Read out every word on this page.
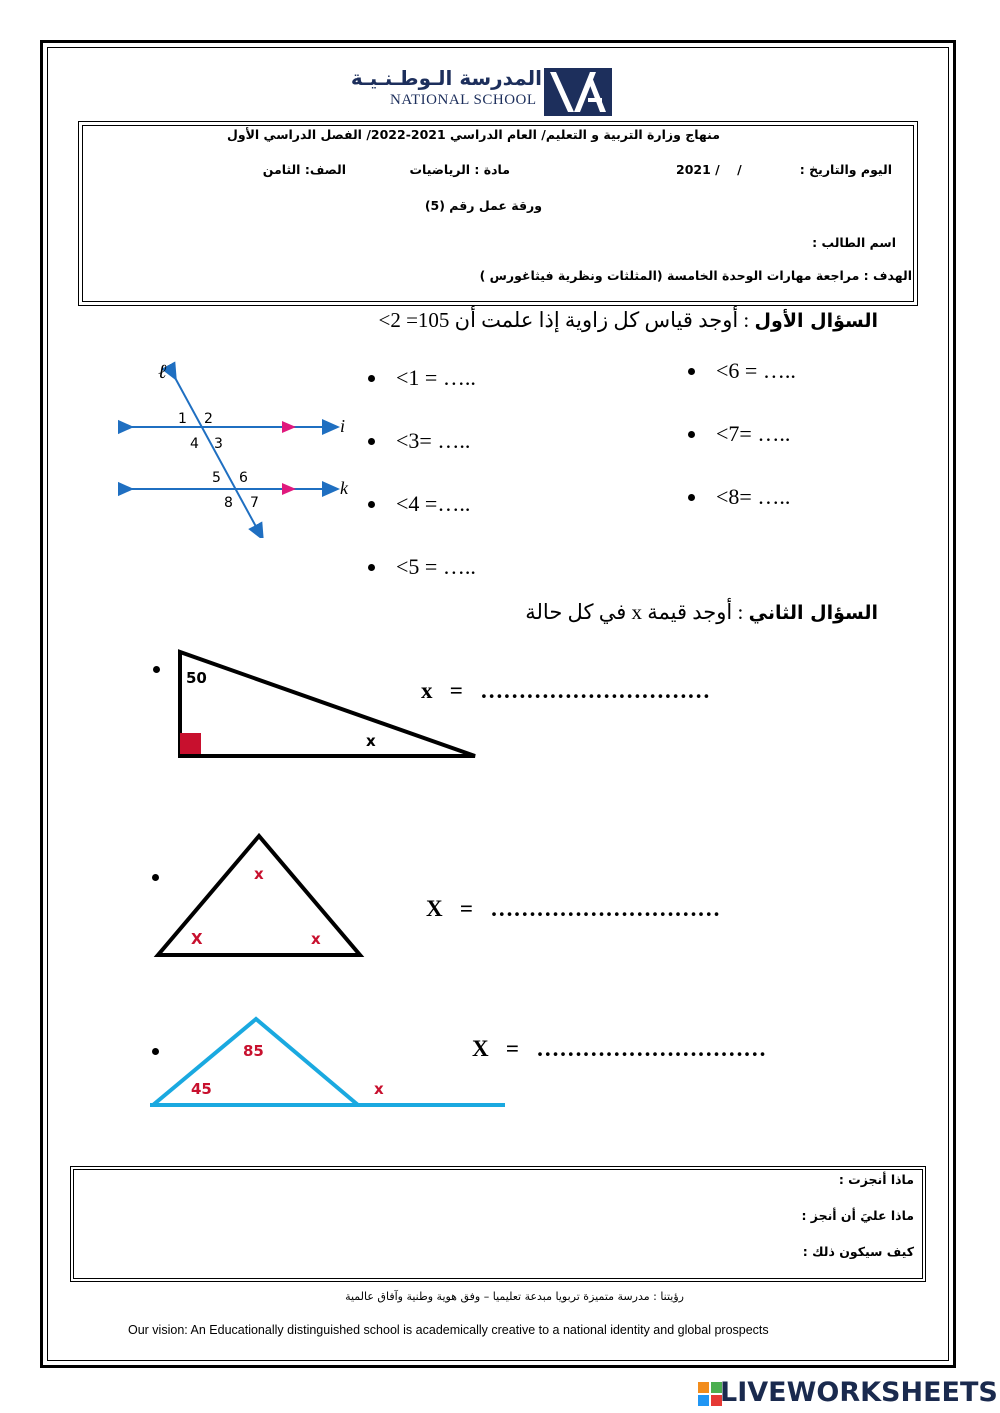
المدرسة الـوطـنـيـة
NATIONAL SCHOOL
منهاج وزارة التربية و التعليم/ العام الدراسي 2021-2022/ الفصل الدراسي الأول
اليوم والتاريخ :
2021 /    /
مادة : الرياضيات
الصف: الثامن
ورقة عمل رقم (5)
اسم الطالب :
الهدف : مراجعة مهارات الوحدة الخامسة (المثلثات ونظرية فيثاغورس )
السؤال الأول : أوجد قياس كل زاوية إذا علمت أن 105= 2>
ℓ
i
k
1 2
4 3
5 6
8 7
<1 = …..
<3= …..
<4 =…..
<5 = …..
<6 = …..
<7= …..
<8= …..
السؤال الثاني : أوجد قيمة x في كل حالة
50
x
x   =   …………………………
x
X	x
X   =   …………………………
85
45	x
X   =   …………………………
ماذا أنجزت :
ماذا عليَ أن أنجز :
كيف سيكون ذلك :
رؤيتنا : مدرسة متميزة تربويا مبدعة تعليميا – وفق هوية وطنية وآفاق عالمية
Our vision: An Educationally distinguished school is academically creative to a national identity and global prospects
LIVEWORKSHEETS
